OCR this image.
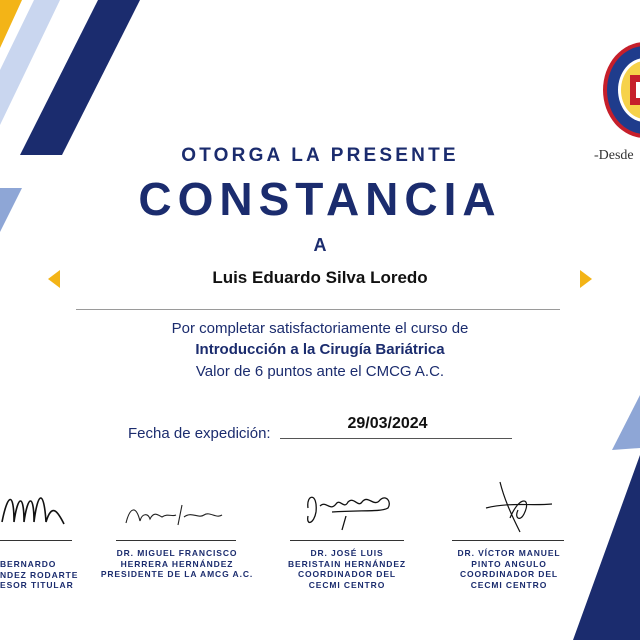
-Desde
OTORGA LA PRESENTE
CONSTANCIA
A
Luis Eduardo Silva Loredo
Por completar satisfactoriamente el curso de
Introducción a la Cirugía Bariátrica
Valor de 6 puntos ante el CMCG A.C.
Fecha de expedición:
29/03/2024
BERNARDO
NDEZ RODARTE
ESOR TITULAR
DR. MIGUEL FRANCISCO
HERRERA HERNÁNDEZ
PRESIDENTE DE LA AMCG A.C.
DR. JOSÉ LUIS
BERISTAIN HERNÁNDEZ
COORDINADOR DEL
CECMI CENTRO
DR. VÍCTOR MANUEL
PINTO ANGULO
COORDINADOR DEL
CECMI CENTRO
